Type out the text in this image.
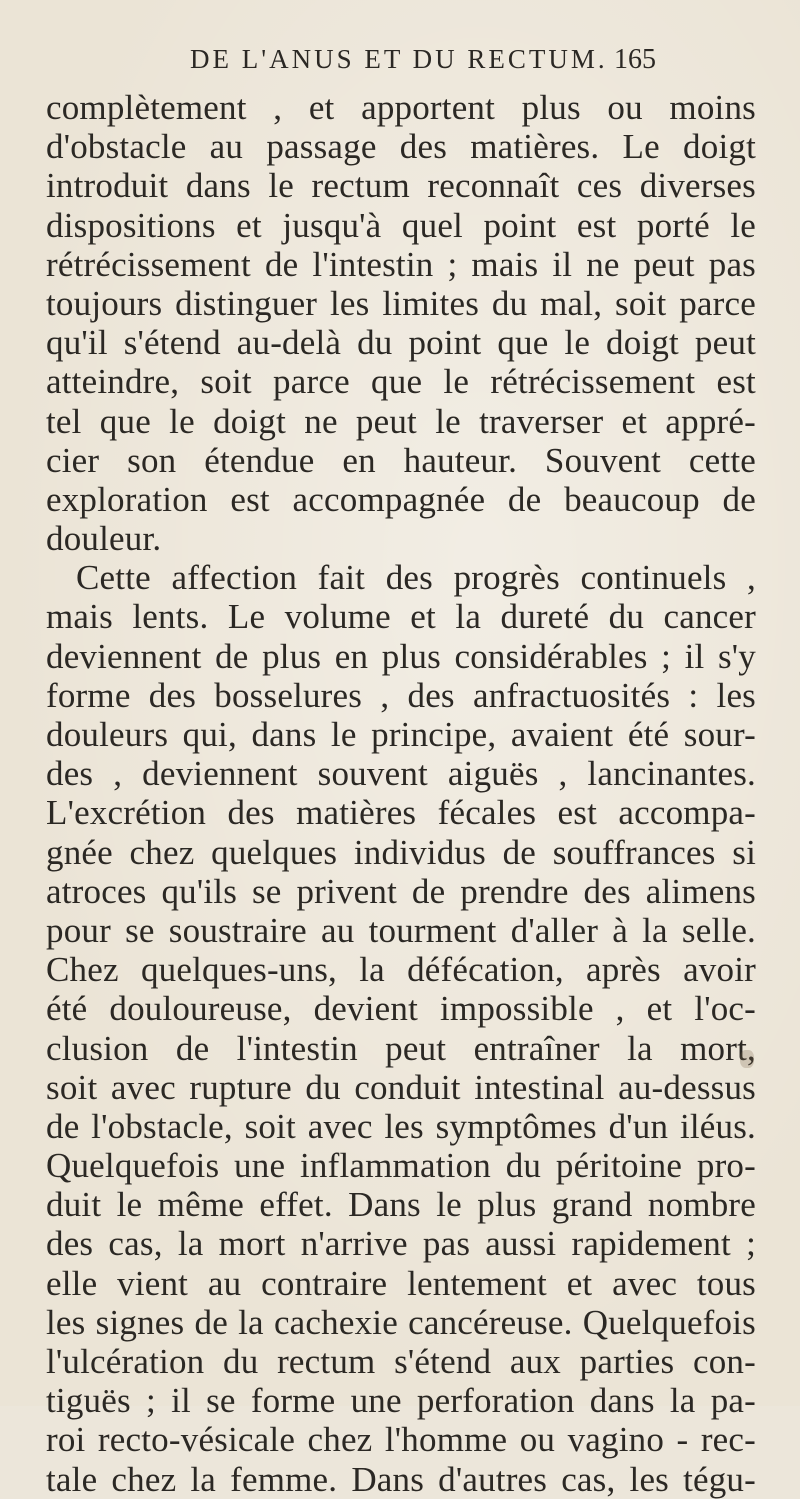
DE L'ANUS ET DU RECTUM. 165
complètement , et apportent plus ou moins
d'obstacle au passage des matières. Le doigt
introduit dans le rectum reconnaît ces diverses
dispositions et jusqu'à quel point est porté le
rétrécissement de l'intestin ; mais il ne peut pas
toujours distinguer les limites du mal, soit parce
qu'il s'étend au-delà du point que le doigt peut
atteindre, soit parce que le rétrécissement est
tel que le doigt ne peut le traverser et appré-
cier son étendue en hauteur. Souvent cette
exploration est accompagnée de beaucoup de
douleur.
Cette affection fait des progrès continuels ,
mais lents. Le volume et la dureté du cancer
deviennent de plus en plus considérables ; il s'y
forme des bosselures , des anfractuosités : les
douleurs qui, dans le principe, avaient été sour-
des , deviennent souvent aiguës , lancinantes.
L'excrétion des matières fécales est accompa-
gnée chez quelques individus de souffrances si
atroces qu'ils se privent de prendre des alimens
pour se soustraire au tourment d'aller à la selle.
Chez quelques-uns, la défécation, après avoir
été douloureuse, devient impossible , et l'oc-
clusion de l'intestin peut entraîner la mort,
soit avec rupture du conduit intestinal au-dessus
de l'obstacle, soit avec les symptômes d'un iléus.
Quelquefois une inflammation du péritoine pro-
duit le même effet. Dans le plus grand nombre
des cas, la mort n'arrive pas aussi rapidement ;
elle vient au contraire lentement et avec tous
les signes de la cachexie cancéreuse. Quelquefois
l'ulcération du rectum s'étend aux parties con-
tiguës ; il se forme une perforation dans la pa-
roi recto-vésicale chez l'homme ou vagino - rec-
tale chez la femme. Dans d'autres cas, les tégu-
